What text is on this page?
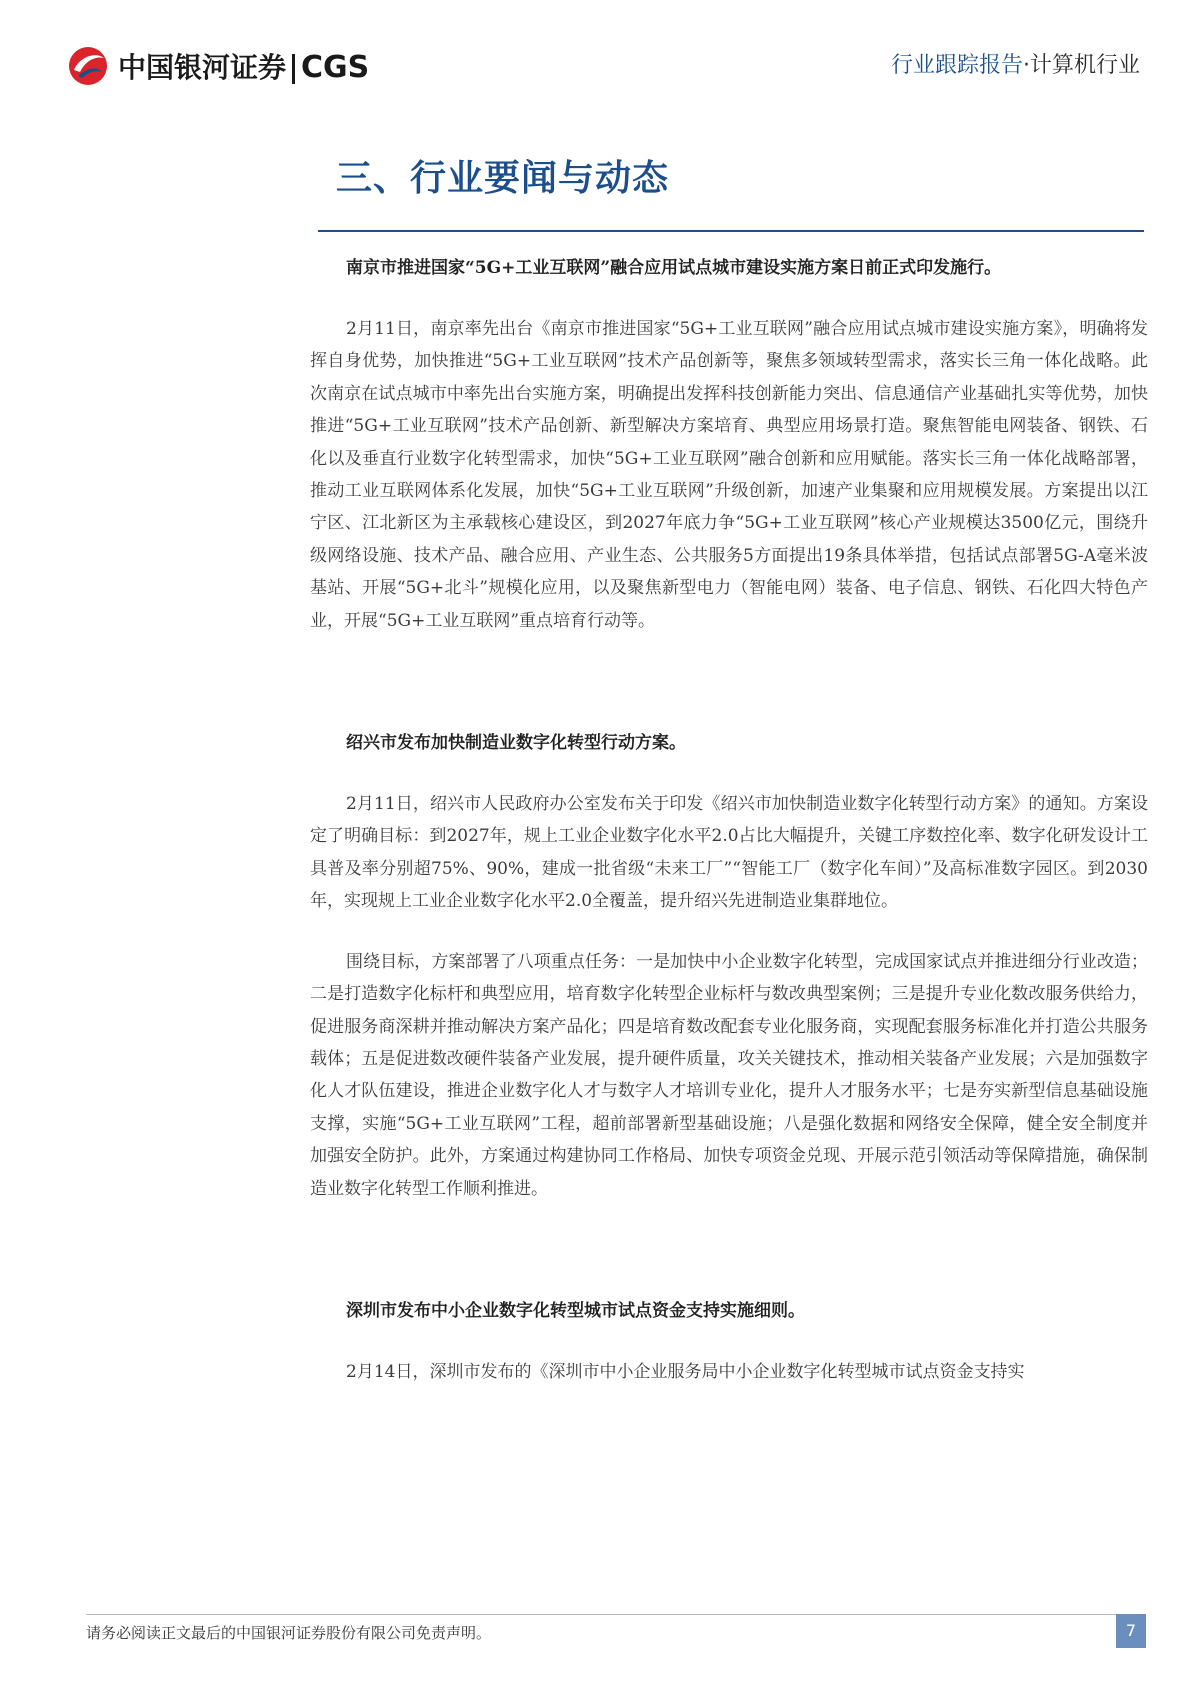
中国银河证券 CGS	行业跟踪报告·计算机行业
三、行业要闻与动态
南京市推进国家“5G+工业互联网”融合应用试点城市建设实施方案日前正式印发施行。

2月11日，南京率先出台《南京市推进国家“5G+工业互联网”融合应用试点城市建设实施方案》，明确将发挥自身优势，加快推进“5G+工业互联网”技术产品创新等，聚焦多领域转型需求，落实长三角一体化战略。此次南京在试点城市中率先出台实施方案，明确提出发挥科技创新能力突出、信息通信产业基础扎实等优势，加快推进“5G+工业互联网”技术产品创新、新型解决方案培育、典型应用场景打造。聚焦智能电网装备、钢铁、石化以及垂直行业数字化转型需求，加快“5G+工业互联网”融合创新和应用赋能。落实长三角一体化战略部署，推动工业互联网体系化发展，加快“5G+工业互联网”升级创新，加速产业集聚和应用规模发展。方案提出以江宁区、江北新区为主承载核心建设区，到2027年底力争“5G+工业互联网”核心产业规模达3500亿元，围绕升级网络设施、技术产品、融合应用、产业生态、公共服务5方面提出19条具体举措，包括试点部署5G-A毫米波基站、开展“5G+北斗”规模化应用，以及聚焦新型电力（智能电网）装备、电子信息、钢铁、石化四大特色产业，开展“5G+工业互联网”重点培育行动等。

绍兴市发布加快制造业数字化转型行动方案。

2月11日，绍兴市人民政府办公室发布关于印发《绍兴市加快制造业数字化转型行动方案》的通知。方案设定了明确目标：到2027年，规上工业企业数字化水平2.0占比大幅提升，关键工序数控化率、数字化研发设计工具普及率分别超75%、90%，建成一批省级“未来工厂”“智能工厂（数字化车间）”及高标准数字园区。到2030年，实现规上工业企业数字化水平2.0全覆盖，提升绍兴先进制造业集群地位。

围绕目标，方案部署了八项重点任务：一是加快中小企业数字化转型，完成国家试点并推进细分行业改造；二是打造数字化标杆和典型应用，培育数字化转型企业标杆与数改典型案例；三是提升专业化数改服务供给力，促进服务商深耕并推动解决方案产品化；四是培育数改配套专业化服务商，实现配套服务标准化并打造公共服务载体；五是促进数改硬件装备产业发展，提升硬件质量，攻关关键技术，推动相关装备产业发展；六是加强数字化人才队伍建设，推进企业数字化人才与数字人才培训专业化，提升人才服务水平；七是夯实新型信息基础设施支撑，实施“5G+工业互联网”工程，超前部署新型基础设施；八是强化数据和网络安全保障，健全安全制度并加强安全防护。此外，方案通过构建协同工作格局、加快专项资金兑现、开展示范引领活动等保障措施，确保制造业数字化转型工作顺利推进。

深圳市发布中小企业数字化转型城市试点资金支持实施细则。

2月14日，深圳市发布的《深圳市中小企业服务局中小企业数字化转型城市试点资金支持实

请务必阅读正文最后的中国银河证券股份有限公司免责声明。	7
